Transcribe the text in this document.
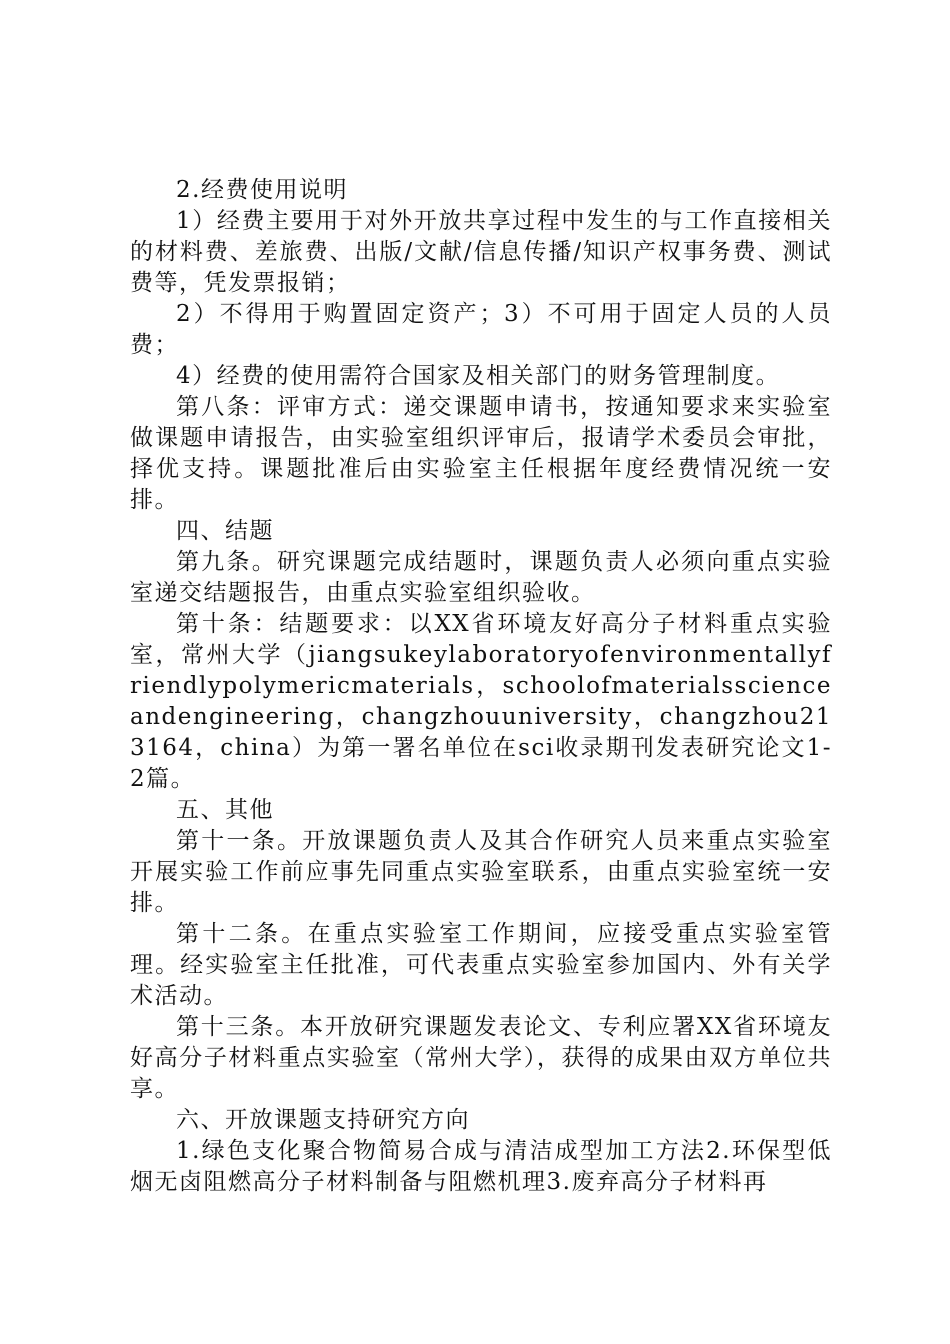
2.经费使用说明

1）经费主要用于对外开放共享过程中发生的与工作直接相关的材料费、差旅费、出版/文献/信息传播/知识产权事务费、测试费等，凭发票报销；

2）不得用于购置固定资产；3）不可用于固定人员的人员费；

4）经费的使用需符合国家及相关部门的财务管理制度。

第八条：评审方式：递交课题申请书，按通知要求来实验室做课题申请报告，由实验室组织评审后，报请学术委员会审批，择优支持。课题批准后由实验室主任根据年度经费情况统一安排。

四、结题

第九条。研究课题完成结题时，课题负责人必须向重点实验室递交结题报告，由重点实验室组织验收。

第十条：结题要求：以XX省环境友好高分子材料重点实验室，常州大学（jiangsukeylaboratoryofenvironmentallyfriendlypolymericmaterials，schoolofmaterialsscienceandengineering，changzhouuniversity，changzhou213164，china）为第一署名单位在sci收录期刊发表研究论文1-2篇。

五、其他

第十一条。开放课题负责人及其合作研究人员来重点实验室开展实验工作前应事先同重点实验室联系，由重点实验室统一安排。

第十二条。在重点实验室工作期间，应接受重点实验室管理。经实验室主任批准，可代表重点实验室参加国内、外有关学术活动。

第十三条。本开放研究课题发表论文、专利应署XX省环境友好高分子材料重点实验室（常州大学），获得的成果由双方单位共享。

六、开放课题支持研究方向

1.绿色支化聚合物简易合成与清洁成型加工方法2.环保型低烟无卤阻燃高分子材料制备与阻燃机理3.废弃高分子材料再
